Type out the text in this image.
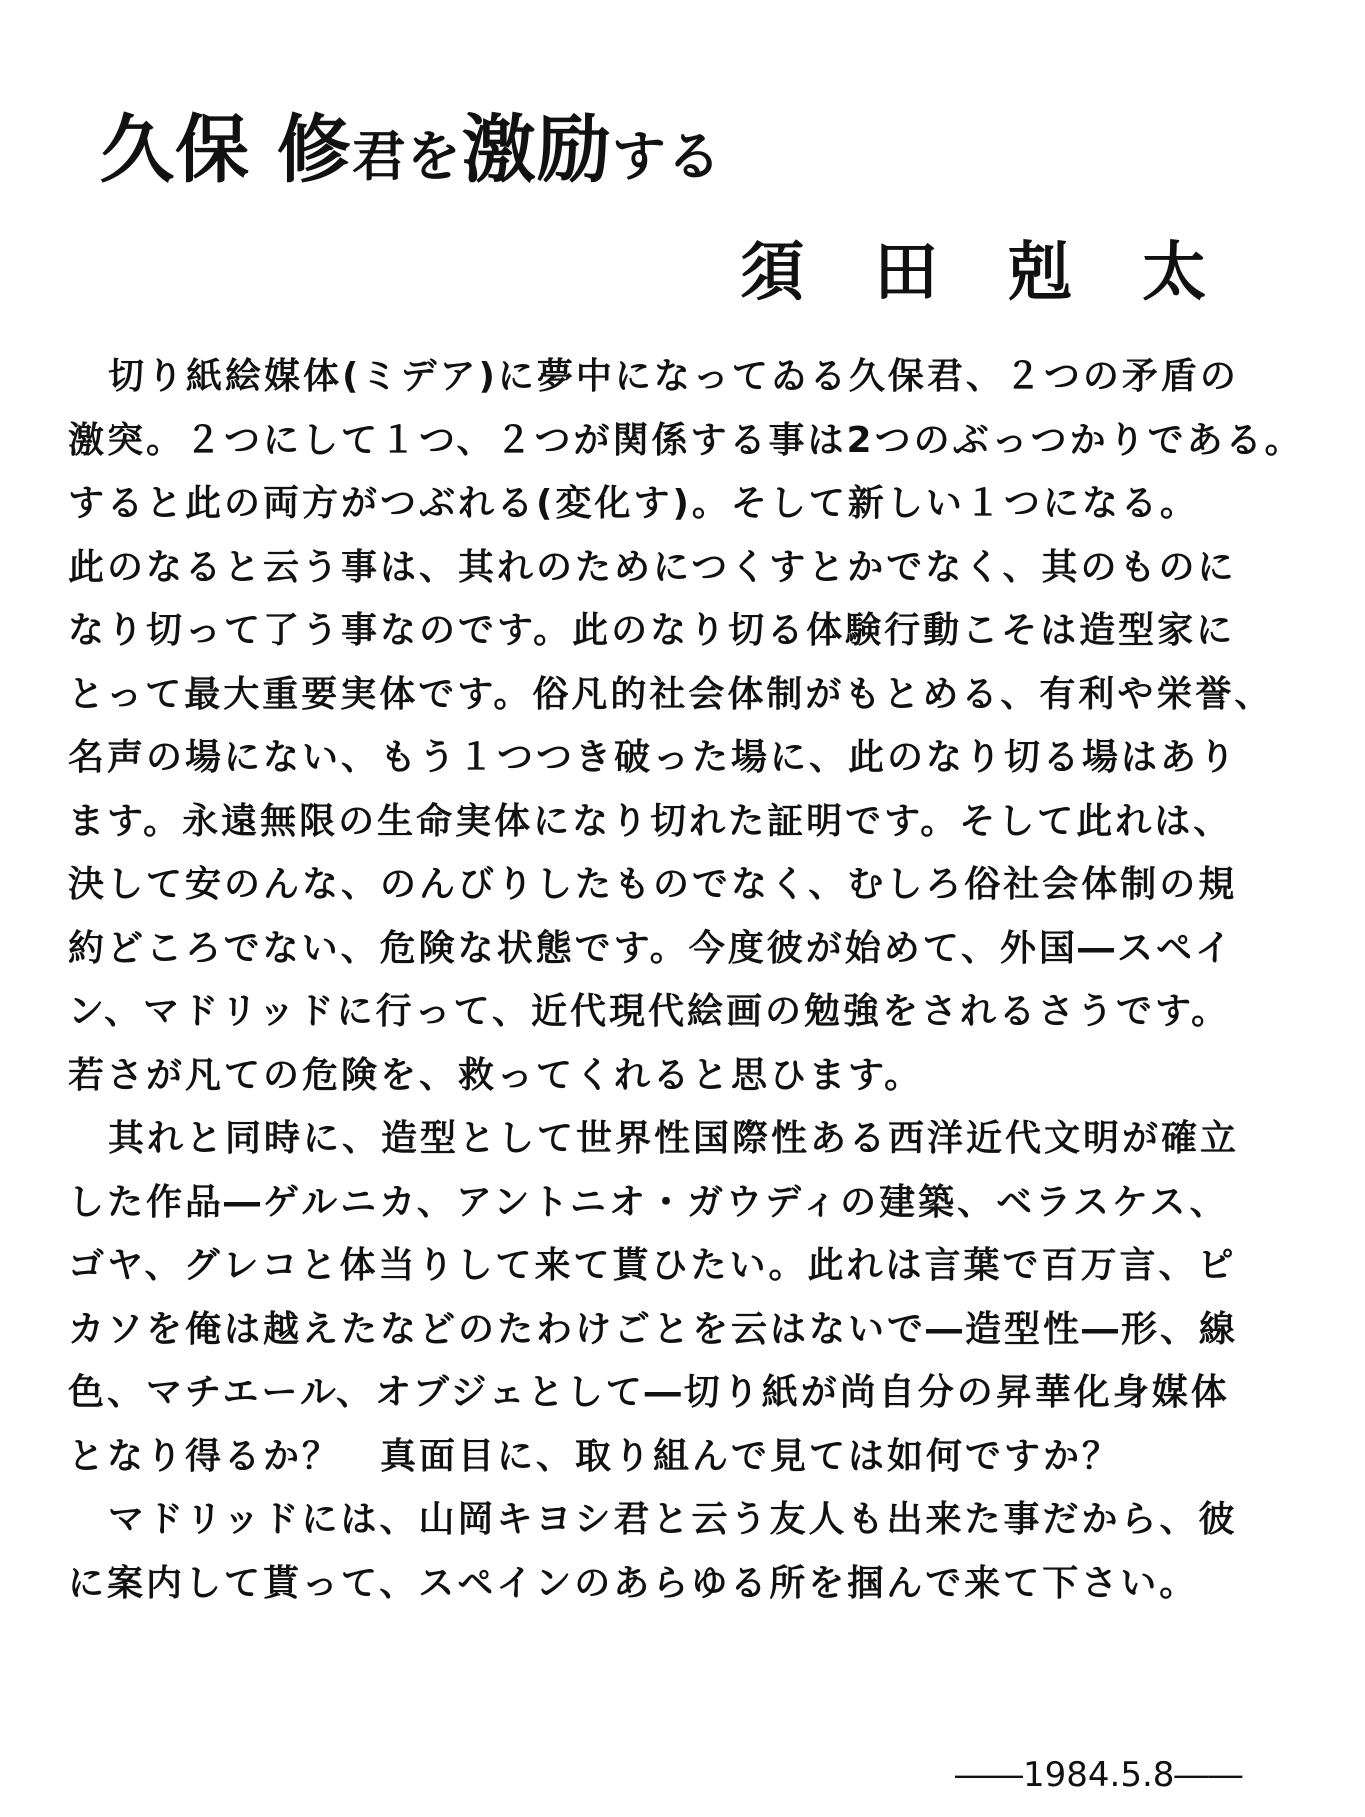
久保 修君を激励する

須田剋太

切り紙絵媒体(ミデア)に夢中になってゐる久保君、２つの矛盾の
激突。２つにして１つ、２つが関係する事は2つのぶっつかりである。
すると此の両方がつぶれる(変化す)。そして新しい１つになる。
此のなると云う事は、其れのためにつくすとかでなく、其のものに
なり切って了う事なのです。此のなり切る体験行動こそは造型家に
とって最大重要実体です。俗凡的社会体制がもとめる、有利や栄誉、
名声の場にない、もう１つつき破った場に、此のなり切る場はあり
ます。永遠無限の生命実体になり切れた証明です。そして此れは、
決して安のんな、のんびりしたものでなく、むしろ俗社会体制の規
約どころでない、危険な状態です。今度彼が始めて、外国―スペイ
ン、マドリッドに行って、近代現代絵画の勉強をされるさうです。
若さが凡ての危険を、救ってくれると思ひます。
其れと同時に、造型として世界性国際性ある西洋近代文明が確立
した作品―ゲルニカ、アントニオ・ガウディの建築、ベラスケス、
ゴヤ、グレコと体当りして来て貰ひたい。此れは言葉で百万言、ピ
カソを俺は越えたなどのたわけごとを云はないで―造型性―形、線
色、マチエール、オブジェとして―切り紙が尚自分の昇華化身媒体
となり得るか？　真面目に、取り組んで見ては如何ですか？
マドリッドには、山岡キヨシ君と云う友人も出来た事だから、彼
に案内して貰って、スペインのあらゆる所を掴んで来て下さい。
――1984.5.8――
